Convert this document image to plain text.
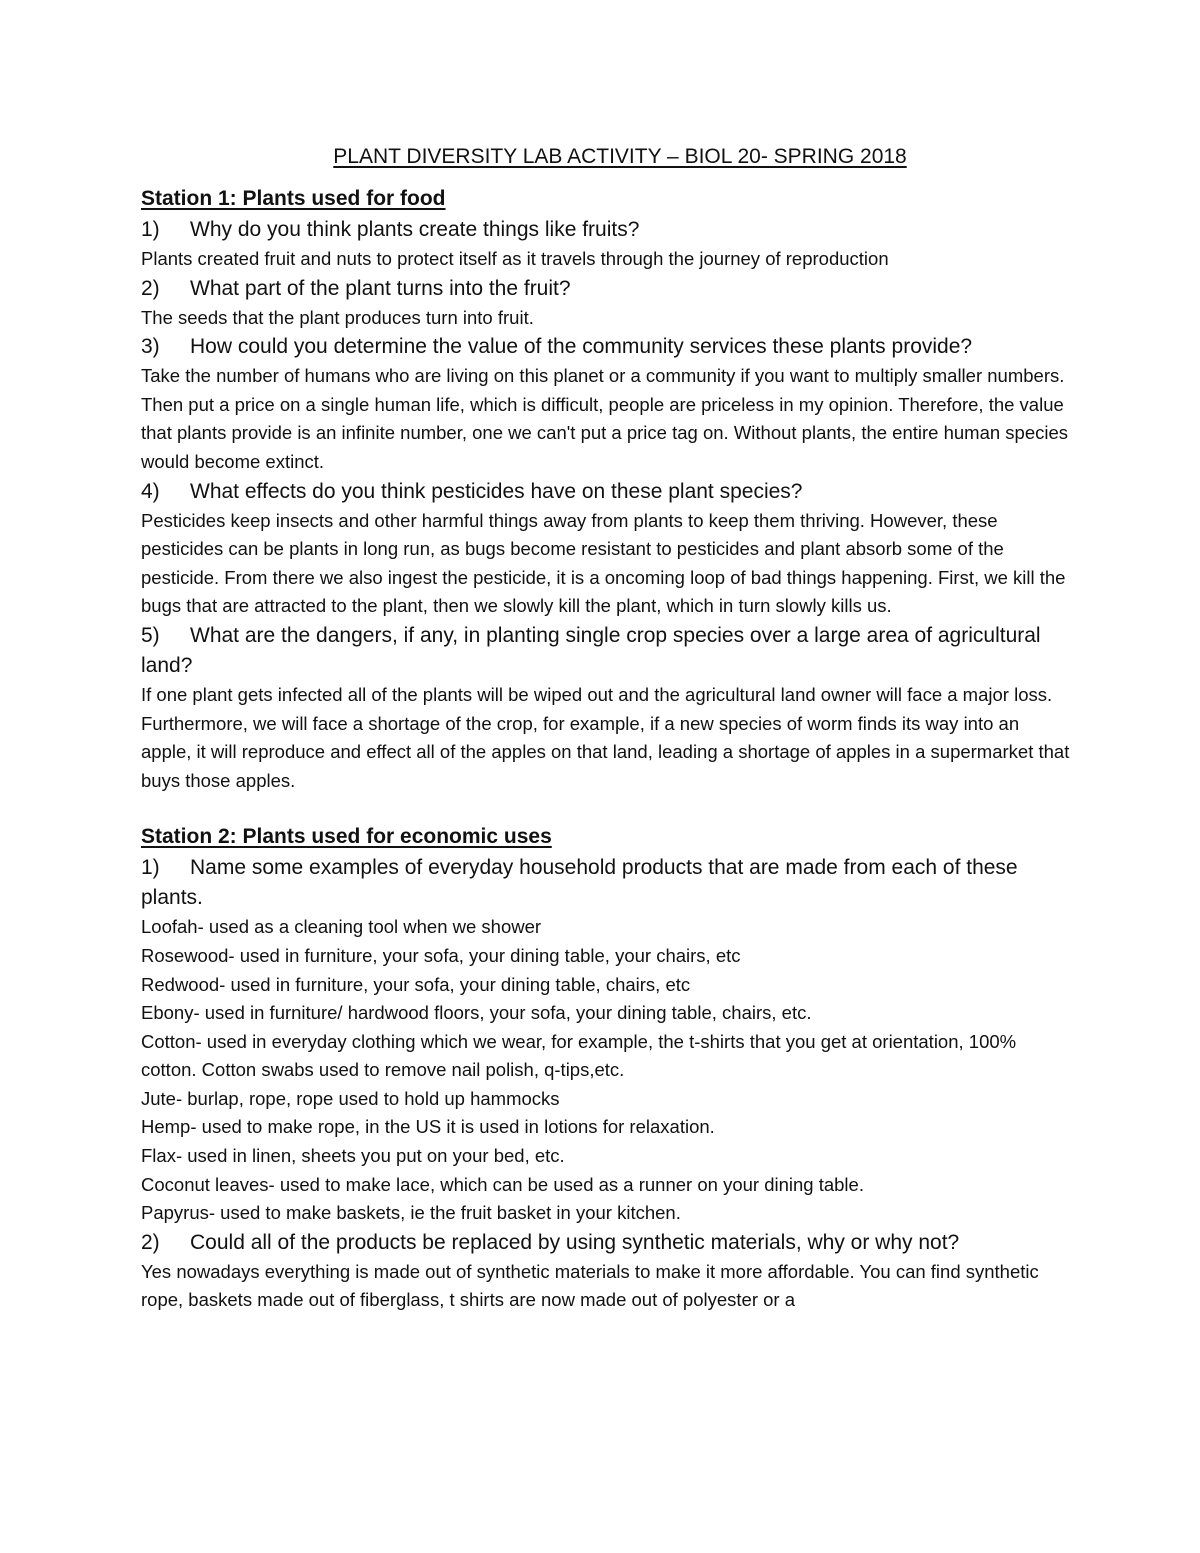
PLANT DIVERSITY LAB ACTIVITY – BIOL 20- SPRING 2018
Station 1: Plants used for food
1)	Why do you think plants create things like fruits?
Plants created fruit and nuts to protect itself as it travels through the journey of reproduction
2)	What part of the plant turns into the fruit?
The seeds that the plant produces turn into fruit.
3) How could you determine the value of the community services these plants provide?
Take the number of humans who are living on this planet or a community if you want to multiply smaller numbers. Then put a price on a single human life, which is difficult, people are priceless in my opinion. Therefore, the value that plants provide is an infinite number, one we can't put a price tag on. Without plants, the entire human species would become extinct.
4)	What effects do you think pesticides have on these plant species?
Pesticides keep insects and other harmful things away from plants to keep them thriving. However, these pesticides can be plants in long run, as bugs become resistant to pesticides and plant absorb some of the pesticide. From there we also ingest the pesticide, it is a oncoming loop of bad things happening. First, we kill the bugs that are attracted to the plant, then we slowly kill the plant, which in turn slowly kills us.
5) What are the dangers, if any, in planting single crop species over a large area of agricultural land?
If one plant gets infected all of the plants will be wiped out and the agricultural land owner will face a major loss. Furthermore, we will face a shortage of the crop, for example, if a new species of worm finds its way into an apple, it will reproduce and effect all of the apples on that land, leading a shortage of apples in a supermarket that buys those apples.
Station 2: Plants used for economic uses
1) Name some examples of everyday household products that are made from each of these plants.
Loofah- used as a cleaning tool when we shower
Rosewood- used in furniture, your sofa, your dining table, your chairs, etc
Redwood- used in furniture, your sofa, your dining table, chairs, etc
Ebony- used in furniture/ hardwood floors, your sofa, your dining table, chairs, etc.
Cotton- used in everyday clothing which we wear, for example, the t-shirts that you get at orientation, 100% cotton. Cotton swabs used to remove nail polish, q-tips,etc.
Jute- burlap, rope, rope used to hold up hammocks
Hemp- used to make rope, in the US it is used in lotions for relaxation.
Flax- used in linen, sheets you put on your bed, etc.
Coconut leaves- used to make lace, which can be used as a runner on your dining table.
Papyrus- used to make baskets, ie the fruit basket in your kitchen.
2)	Could all of the products be replaced by using synthetic materials, why or why not?
Yes nowadays everything is made out of synthetic materials to make it more affordable. You can find synthetic rope, baskets made out of fiberglass, t shirts are now made out of polyester or a
